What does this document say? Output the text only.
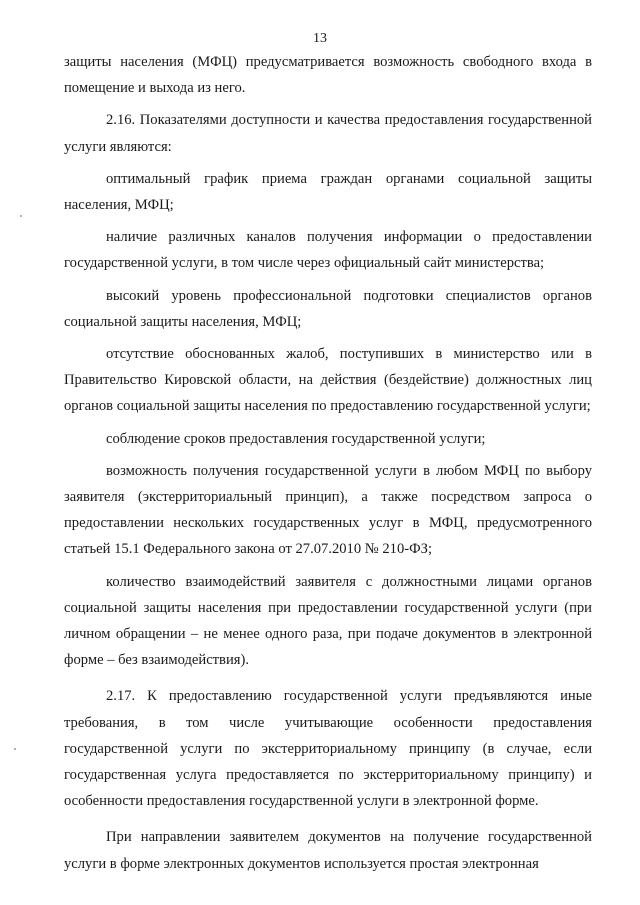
13

защиты населения (МФЦ) предусматривается возможность свободного входа в помещение и выхода из него.

2.16. Показателями доступности и качества предоставления государственной услуги являются:

оптимальный график приема граждан органами социальной защиты населения, МФЦ;

наличие различных каналов получения информации о предоставлении государственной услуги, в том числе через официальный сайт министерства;

высокий уровень профессиональной подготовки специалистов органов социальной защиты населения, МФЦ;

отсутствие обоснованных жалоб, поступивших в министерство или в Правительство Кировской области, на действия (бездействие) должностных лиц органов социальной защиты населения по предоставлению государственной услуги;

соблюдение сроков предоставления государственной услуги;

возможность получения государственной услуги в любом МФЦ по выбору заявителя (экстерриториальный принцип), а также посредством запроса о предоставлении нескольких государственных услуг в МФЦ, предусмотренного статьей 15.1 Федерального закона от 27.07.2010 № 210-ФЗ;

количество взаимодействий заявителя с должностными лицами органов социальной защиты населения при предоставлении государственной услуги (при личном обращении – не менее одного раза, при подаче документов в электронной форме – без взаимодействия).

2.17. К предоставлению государственной услуги предъявляются иные требования, в том числе учитывающие особенности предоставления государственной услуги по экстерриториальному принципу (в случае, если государственная услуга предоставляется по экстерриториальному принципу) и особенности предоставления государственной услуги в электронной форме.

При направлении заявителем документов на получение государственной услуги в форме электронных документов используется простая электронная
